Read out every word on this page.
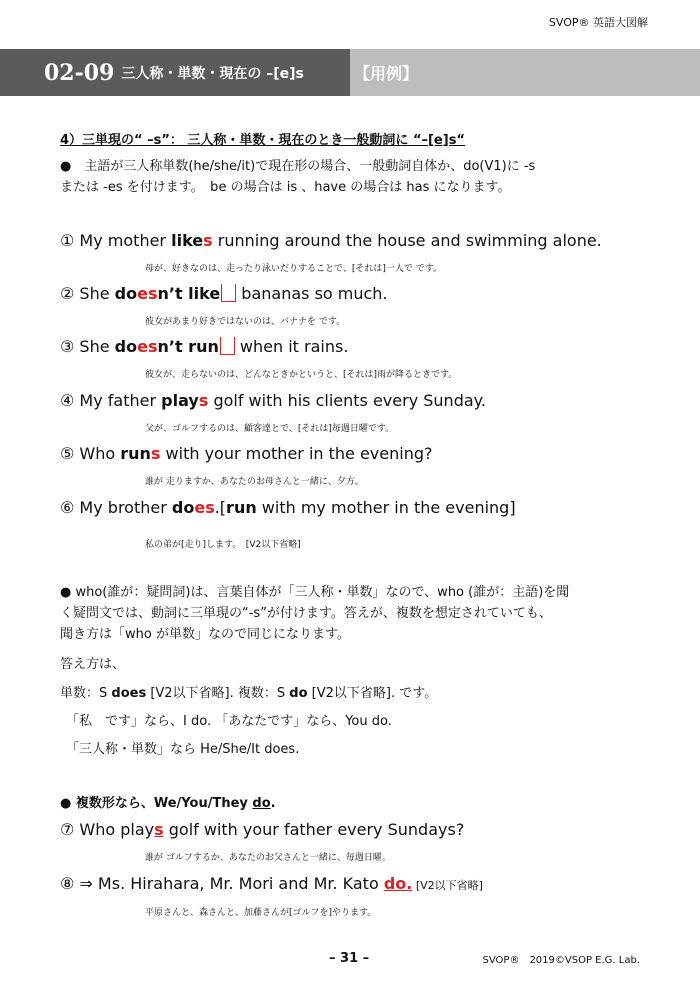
SVOP® 英語大図解
02-09 三人称・単数・現在の –[e]s	【用例】
4）三単現の“ –s”： 三人称・単数・現在のとき一般動詞に “–[e]s“
●　主語が三人称単数(he/she/it)で現在形の場合、一般動詞自体か、do(V1)に -s
または -es を付けます。　be の場合は is 、have の場合は has になります。
① My mother likes running around the house and swimming alone.
母が、好きなのは、走ったり泳いだりすることで、[それは]一人で です。
② She doesn’t like bananas so much.
彼女があまり好きではないのは、バナナを です。
③ She doesn’t run when it rains.
彼女が、走らないのは、どんなときかというと、[それは]雨が降るときです。
④ My father plays golf with his clients every Sunday.
父が、ゴルフするのは、顧客達とで、[それは]毎週日曜です。
⑤ Who runs with your mother in the evening?
誰が 走りますか、あなたのお母さんと一緒に、夕方。
⑥ My brother does.[run with my mother in the evening]
私の弟が[走り]します。　[V2以下省略]
● who(誰が：疑問詞)は、言葉自体が「三人称・単数」なので、who (誰が：主語)を聞
く疑問文では、動詞に三単現の“-s”が付けます。答えが、複数を想定されていても、
聞き方は「who が単数」なので同じになります。
答え方は、
単数：S does [V2以下省略]. 複数：S do [V2以下省略]. です。
「私　です」なら、I do. 「あなたです」なら、You do.
「三人称・単数」なら He/She/It does.
● 複数形なら、We/You/They do.
⑦ Who plays golf with your father every Sundays?
誰が ゴルフするか、あなたのお父さんと一緒に、毎週日曜。
⑧ ⇒ Ms. Hirahara, Mr. Mori and Mr. Kato do. [V2以下省略]
平原さんと、森さんと、加藤さんが[ゴルフを]やります。
– 31 –	SVOP®　2019©VSOP E.G. Lab.
